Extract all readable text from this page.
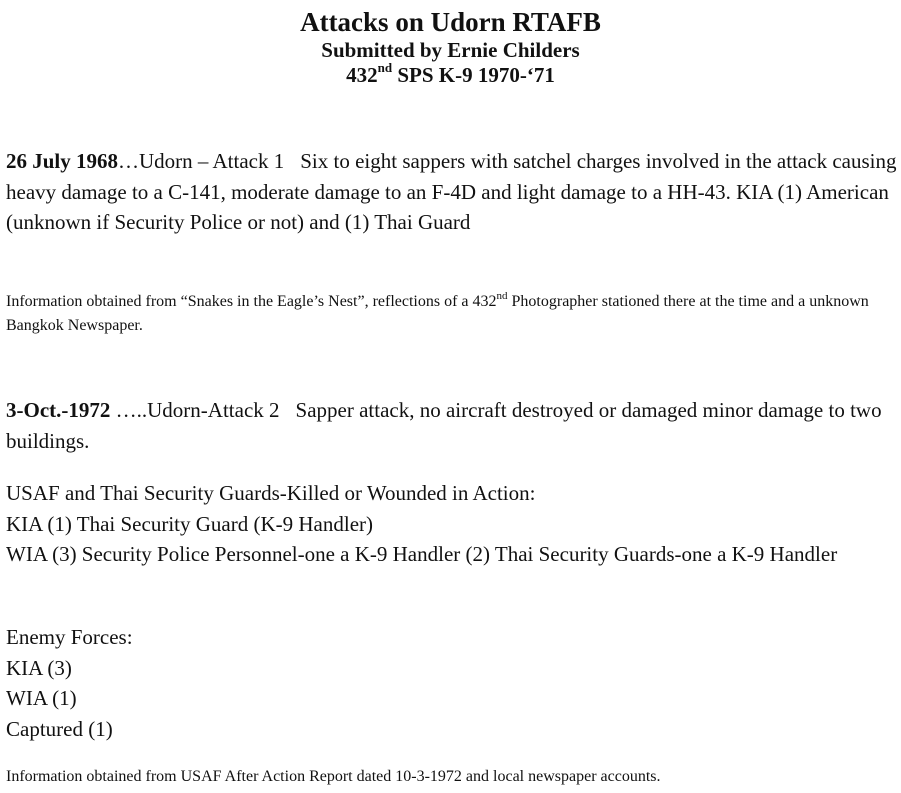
Attacks on Udorn RTAFB
Submitted by Ernie Childers
432nd SPS K-9 1970-‘71

26 July 1968…Udorn – Attack 1 Six to eight sappers with satchel charges involved in the attack causing heavy damage to a C-141, moderate damage to an F-4D and light damage to a HH-43. KIA (1) American (unknown if Security Police or not) and (1) Thai Guard

Information obtained from “Snakes in the Eagle’s Nest”, reflections of a 432nd Photographer stationed there at the time and a unknown Bangkok Newspaper.

3-Oct.-1972 …..Udorn-Attack 2 Sapper attack, no aircraft destroyed or damaged minor damage to two buildings.

USAF and Thai Security Guards-Killed or Wounded in Action:
KIA (1) Thai Security Guard (K-9 Handler)
WIA (3) Security Police Personnel-one a K-9 Handler (2) Thai Security Guards-one a K-9 Handler

Enemy Forces:
KIA (3)
WIA (1)
Captured (1)

Information obtained from USAF After Action Report dated 10-3-1972 and local newspaper accounts.
